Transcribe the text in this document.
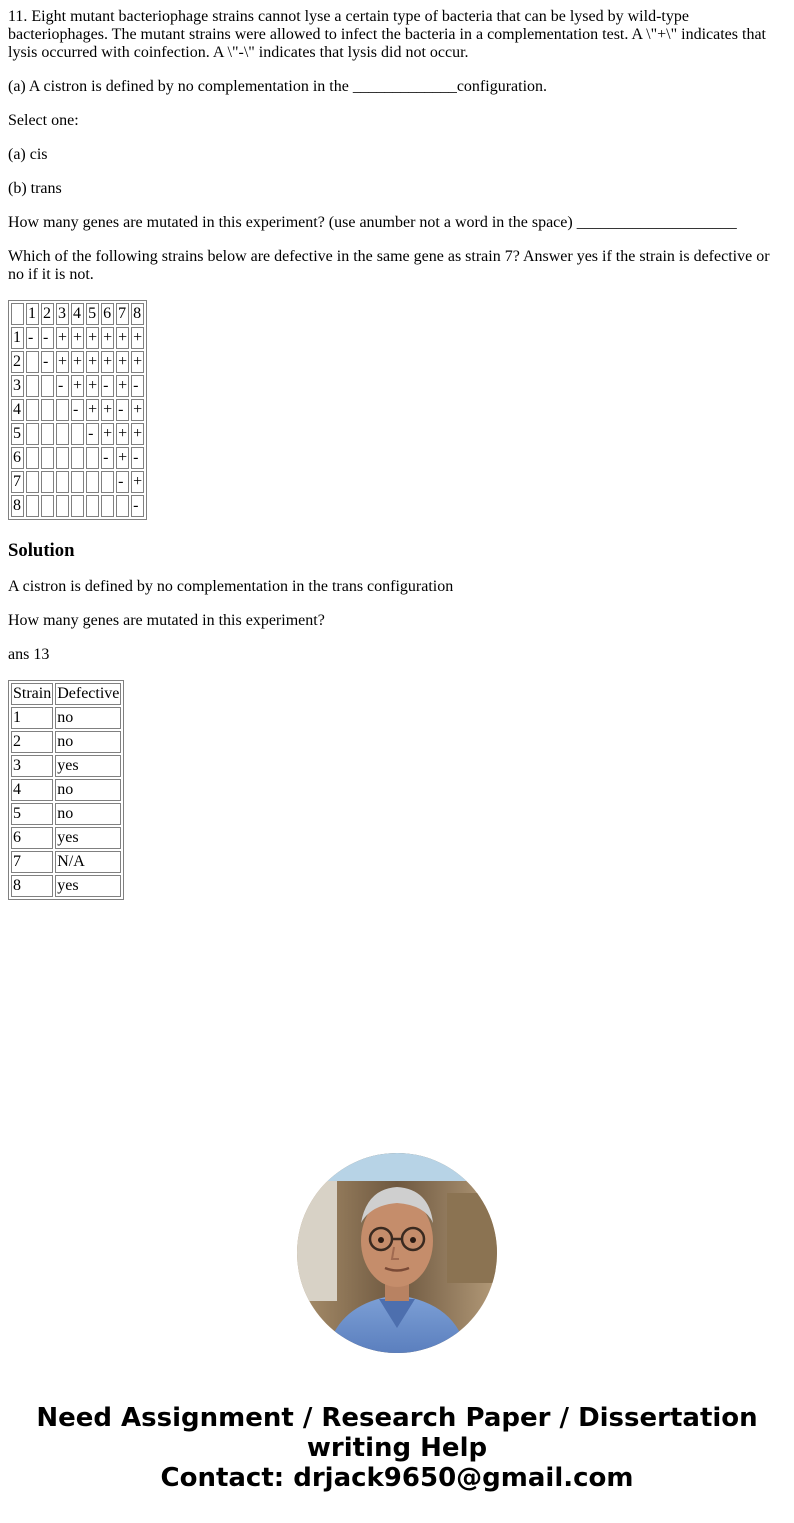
11. Eight mutant bacteriophage strains cannot lyse a certain type of bacteria that can be lysed by wild-type bacteriophages. The mutant strains were allowed to infect the bacteria in a complementation test. A \"+\" indicates that lysis occurred with coinfection. A \"-\" indicates that lysis did not occur.

(a) A cistron is defined by no complementation in the _____________configuration.

Select one:

(a) cis

(b) trans

How many genes are mutated in this experiment? (use anumber not a word in the space) ____________________

Which of the following strains below are defective in the same gene as strain 7? Answer yes if the strain is defective or no if it is not.

	1	2	3	4	5	6	7	8
1	-	-	+	+	+	+	+	+
2		-	+	+	+	+	+	+
3			-	+	+	-	+	-
4				-	+	+	-	+
5					-	+	+	+
6						-	+	-
7							-	+
8								-
Solution

A cistron is defined by no complementation in the trans configuration

How many genes are mutated in this experiment?

ans 13

Strain	Defective
1	no
2	no
3	yes
4	no
5	no
6	yes
7	N/A
8	yes
Need Assignment / Research Paper / Dissertation
writing Help
Contact: drjack9650@gmail.com
